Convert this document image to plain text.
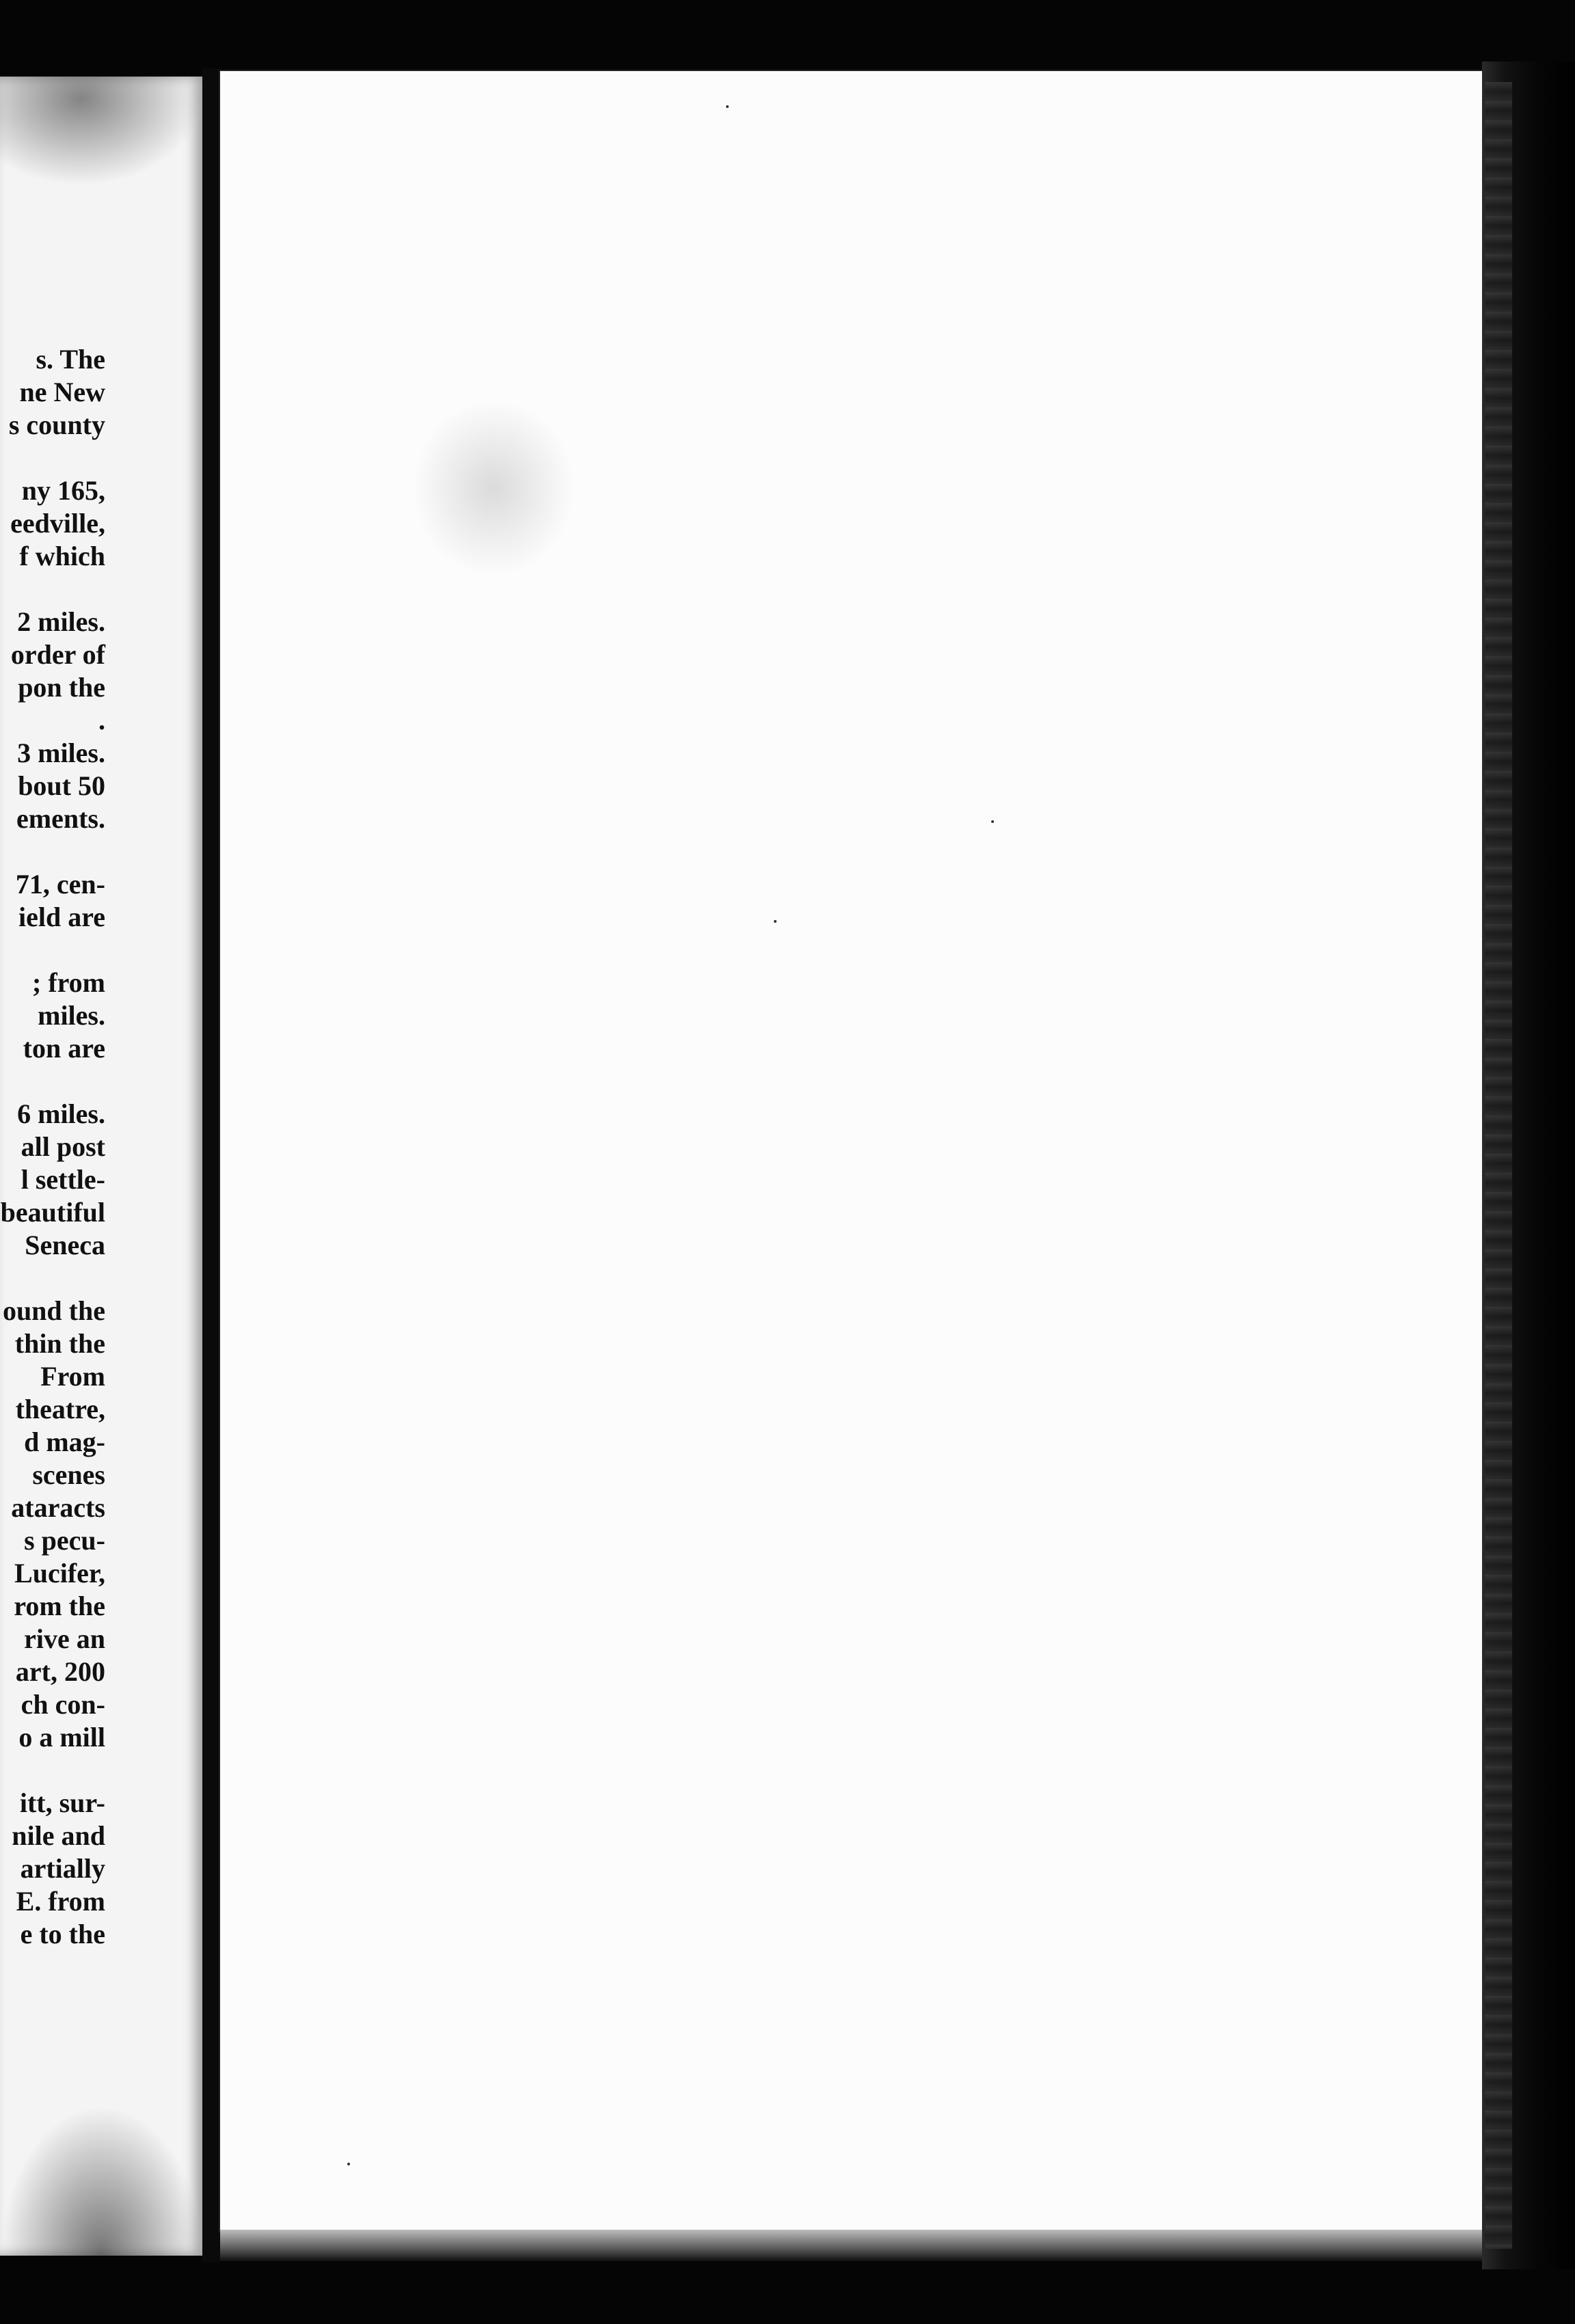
s. The
ne New
s county
ny 165,
eedville,
f which
2 miles.
order of
pon the
.
3 miles.
bout 50
ements.
71, cen-
ield are
; from
miles.
ton are
6 miles.
all post
l settle-
beautiful
Seneca
ound the
thin the
From
theatre,
d mag-
scenes
ataracts
s pecu-
Lucifer,
rom the
rive an
art, 200
ch con-
o a mill
itt, sur-
nile and
artially
E. from
e to the
